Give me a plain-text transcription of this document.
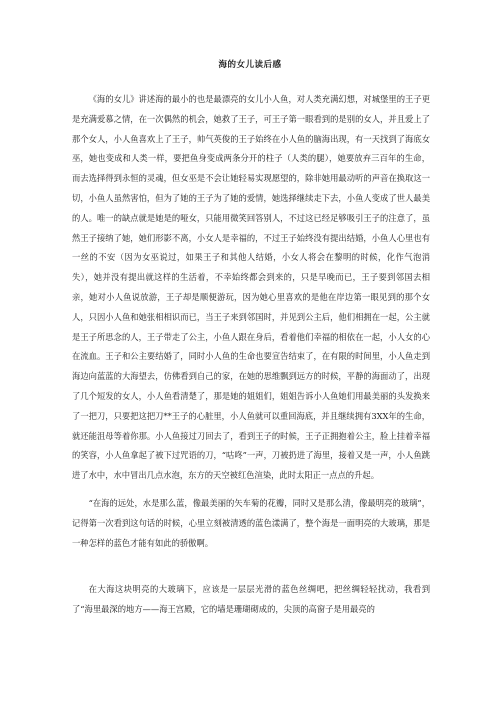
海的女儿读后感

《海的女儿》讲述海的最小的也是最漂亮的女儿小人鱼，对人类充满幻想，对城堡里的王子更是充满爱慕之情，在一次偶然的机会，她救了王子，可王子第一眼看到的是别的女人，并且爱上了那个女人，小人鱼喜欢上了王子，帅气英俊的王子始终在小人鱼的脑海出现，有一天找到了海底女巫，她也变成和人类一样，要把鱼身变成两条分开的柱子（人类的腿），她要放弃三百年的生命，而去选择得到永恒的灵魂，但女巫是不会让她轻易实现愿望的，除非她用最动听的声音在换取这一切，小鱼人虽然害怕，但为了她的王子为了她的爱情，她选择继续走下去，小鱼人变成了世人最美的人。唯一的缺点就是她是的哑女，只能用微笑回答别人，不过这已经足够吸引王子的注意了，虽然王子接纳了她，她们形影不离，小女人是幸福的，不过王子始终没有提出结婚，小鱼人心里也有一丝的不安（因为女巫说过，如果王子和其他人结婚，小女人将会在黎明的时候，化作气泡消失），她并没有提出就这样的生活着，不幸始终都会到来的，只是早晚而已，王子要到邻国去相亲，她对小人鱼说放游，王子却是顺便游玩，因为她心里喜欢的是他在岸边第一眼见到的那个女人，只因小人鱼和她张相相识而已，当王子来到邻国时，并见到公主后，他们相拥在一起，公主就是王子所思念的人，王子带走了公主，小鱼人跟在身后，看着他们幸福的相依在一起，小人女的心在流血。王子和公主要结婚了，同时小人鱼的生命也要宣告结束了，在有限的时间里，小人鱼走到海边向蓝蓝的大海望去，仿佛看到自己的家，在她的思维飘到远方的时候，平静的海面动了，出现了几个短发的女人，小人鱼看清楚了，那是她的姐姐们，姐姐告诉小人鱼她们用最美丽的头发换来了一把刀，只要把这把刀**王子的心脏里，小人鱼就可以重回海底，并且继续拥有3XX年的生命，就还能沮母等着你那。小人鱼接过刀回去了，看到王子的时候，王子正拥抱着公主，脸上挂着幸福的笑容，小人鱼拿起了被下过咒语的刀，“咕咚”一声，刀被扔进了海里，接着又是一声，小人鱼跳进了水中，水中冒出几点水泡，东方的天空被红色渲染，此时太阳正一点点的升起。

“在海的远处，水是那么蓝，像最美丽的矢车菊的花瓣，同时又是那么清，像最明亮的玻璃”，记得第一次看到这句话的时候，心里立刻被清透的蓝色漾满了，整个海是一面明亮的大玻璃，那是一种怎样的蓝色才能有如此的骄傲啊。

在大海这块明亮的大玻璃下，应该是一层层光滑的蓝色丝绸吧，把丝绸轻轻扰动，我看到了“海里最深的地方——海王宫殿，它的墙是珊瑚砌成的，尖顶的高窗子是用最亮的
